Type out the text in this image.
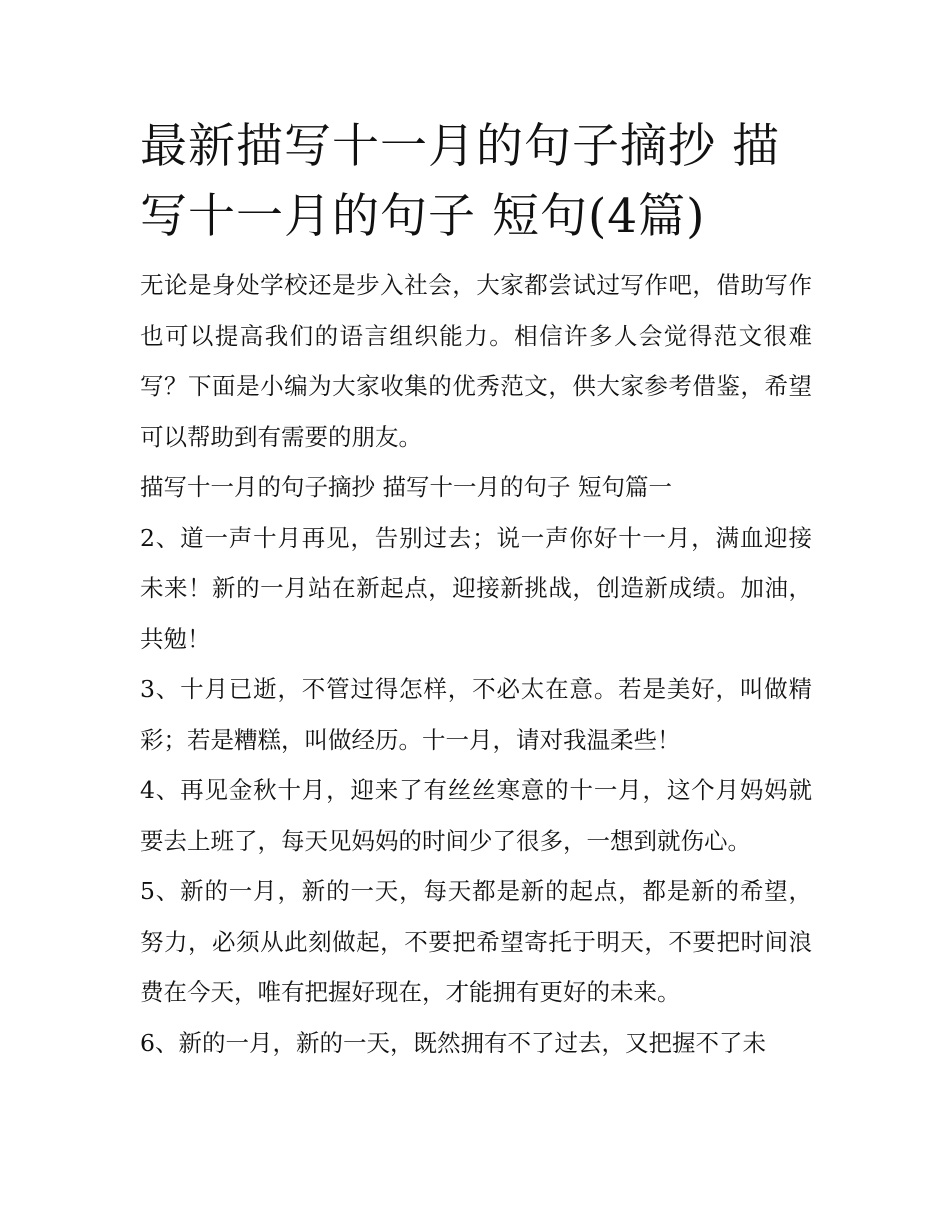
最新描写十一月的句子摘抄 描写十一月的句子 短句(4篇)

无论是身处学校还是步入社会，大家都尝试过写作吧，借助写作也可以提高我们的语言组织能力。相信许多人会觉得范文很难写？下面是小编为大家收集的优秀范文，供大家参考借鉴，希望可以帮助到有需要的朋友。

描写十一月的句子摘抄 描写十一月的句子 短句篇一

2、道一声十月再见，告别过去；说一声你好十一月，满血迎接未来！新的一月站在新起点，迎接新挑战，创造新成绩。加油，共勉！

3、十月已逝，不管过得怎样，不必太在意。若是美好，叫做精彩；若是糟糕，叫做经历。十一月，请对我温柔些！

4、再见金秋十月，迎来了有丝丝寒意的十一月，这个月妈妈就要去上班了，每天见妈妈的时间少了很多，一想到就伤心。

5、新的一月，新的一天，每天都是新的起点，都是新的希望，努力，必须从此刻做起，不要把希望寄托于明天，不要把时间浪费在今天，唯有把握好现在，才能拥有更好的未来。

6、新的一月，新的一天，既然拥有不了过去，又把握不了未
